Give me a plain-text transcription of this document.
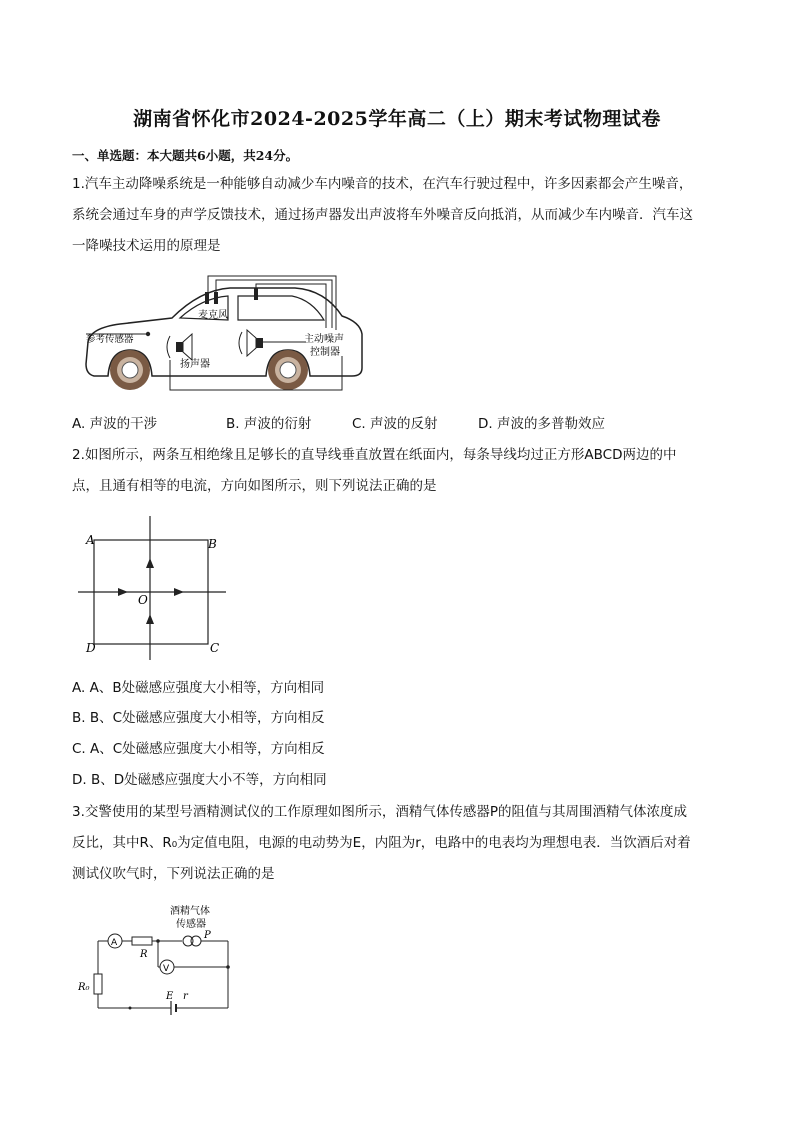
湖南省怀化市2024-2025学年高二（上）期末考试物理试卷
一、单选题：本大题共6小题，共24分。
1.汽车主动降噪系统是一种能够自动减少车内噪音的技术，在汽车行驶过程中，许多因素都会产生噪音，
系统会通过车身的声学反馈技术，通过扬声器发出声波将车外噪音反向抵消，从而减少车内噪音．汽车这
一降噪技术运用的原理是
麦克风
参考传感器	主动噪声
控制器
扬声器
A. 声波的干涉	B. 声波的衍射	C. 声波的反射	D. 声波的多普勒效应
2.如图所示，两条互相绝缘且足够长的直导线垂直放置在纸面内，每条导线均过正方形ABCD两边的中
点，且通有相等的电流，方向如图所示，则下列说法正确的是
A	B
C
D
O
A. A、B处磁感应强度大小相等，方向相同
B. B、C处磁感应强度大小相等，方向相反
C. A、C处磁感应强度大小相等，方向相反
D. B、D处磁感应强度大小不等，方向相同
3.交警使用的某型号酒精测试仪的工作原理如图所示，酒精气体传感器P的阻值与其周围酒精气体浓度成
反比，其中R、R₀为定值电阻，电源的电动势为E，内阻为r，电路中的电表均为理想电表．当饮酒后对着
测试仪吹气时，下列说法正确的是
酒精气体
传感器
A
P
R
V
R₀
E r
